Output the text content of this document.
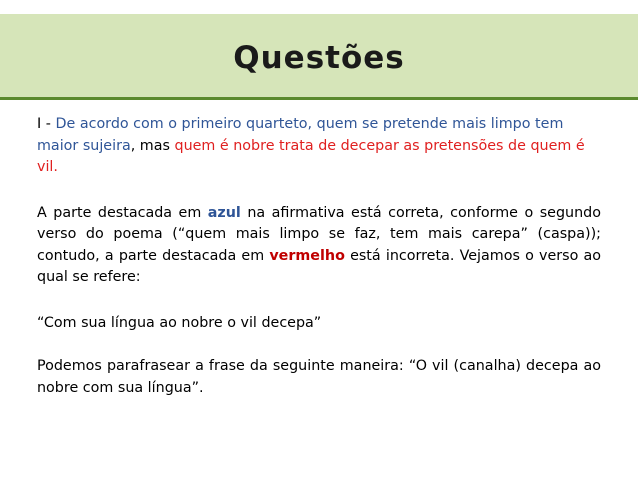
Questões

I - De acordo com o primeiro quarteto, quem se pretende mais limpo tem maior sujeira, mas quem é nobre trata de decepar as pretensões de quem é vil.

A parte destacada em azul na afirmativa está correta, conforme o segundo verso do poema (“quem mais limpo se faz, tem mais carepa” (caspa)); contudo, a parte destacada em vermelho está incorreta. Vejamos o verso ao qual se refere:

“Com sua língua ao nobre o vil decepa”

Podemos parafrasear a frase da seguinte maneira: “O vil (canalha) decepa ao nobre com sua língua”.
